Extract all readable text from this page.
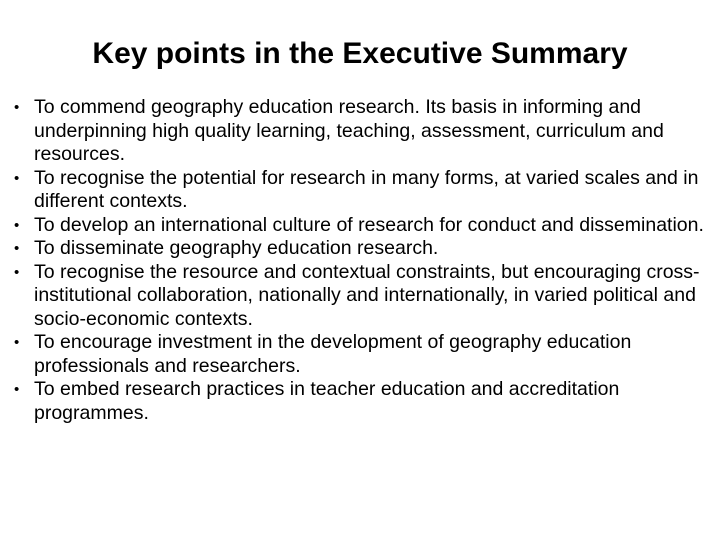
Key points in the Executive Summary
• To commend geography education research. Its basis in informing and underpinning high quality learning, teaching, assessment, curriculum and resources.
• To recognise the potential for research in many forms, at varied scales and in different contexts.
• To develop an international culture of research for conduct and dissemination.
• To disseminate geography education research.
• To recognise the resource and contextual constraints, but encouraging cross-institutional collaboration, nationally and internationally, in varied political and socio-economic contexts.
• To encourage investment in the development of geography education professionals and researchers.
• To embed research practices in teacher education and accreditation programmes.
